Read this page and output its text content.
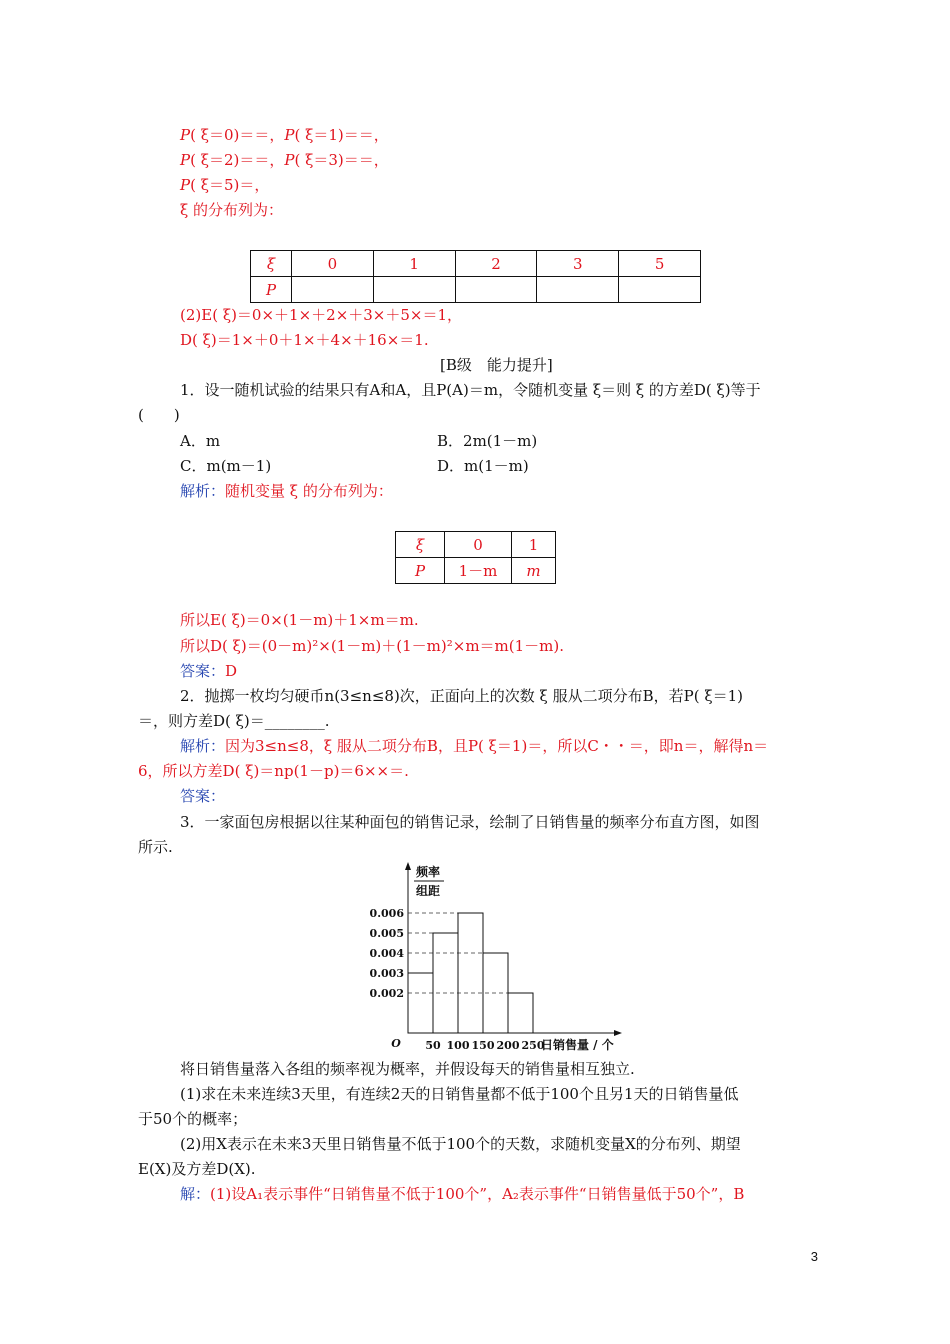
P( ξ＝0)＝＝，P( ξ＝1)＝＝，
P( ξ＝2)＝＝，P( ξ＝3)＝＝，
P( ξ＝5)＝，
ξ 的分布列为：
ξ	0	1	2	3	5
P					
(2)E( ξ)＝0×＋1×＋2×＋3×＋5×＝1，
D( ξ)＝1×＋0＋1×＋4×＋16×＝1.
[B级　能力提升]
1．设一随机试验的结果只有A和A，且P(A)＝m，令随机变量 ξ＝则 ξ 的方差D( ξ)等于
(　　)
A．m	B．2m(1－m)
C．m(m－1)	D．m(1－m)
解析：随机变量 ξ 的分布列为：
ξ	0	1
P	1－m	m
所以E( ξ)＝0×(1－m)＋1×m＝m.
所以D( ξ)＝(0－m)²×(1－m)＋(1－m)²×m＝m(1－m).
答案：D
2．抛掷一枚均匀硬币n(3≤n≤8)次，正面向上的次数 ξ 服从二项分布B，若P( ξ＝1)
＝，则方差D( ξ)＝________.
解析：因为3≤n≤8，ξ 服从二项分布B，且P( ξ＝1)＝，所以C・・＝，即n＝，解得n＝
6，所以方差D( ξ)＝np(1－p)＝6××＝.
答案：
3．一家面包房根据以往某种面包的销售记录，绘制了日销售量的频率分布直方图，如图
所示.
0.006
0.005
0.004
0.003
0.002
50 100 150 200 250
O	日销售量 / 个
频率
组距
将日销售量落入各组的频率视为概率，并假设每天的销售量相互独立.
(1)求在未来连续3天里，有连续2天的日销售量都不低于100个且另1天的日销售量低
于50个的概率；
(2)用X表示在未来3天里日销售量不低于100个的天数，求随机变量X的分布列、期望
E(X)及方差D(X).
解：(1)设A₁表示事件“日销售量不低于100个”，A₂表示事件“日销售量低于50个”，B
3
